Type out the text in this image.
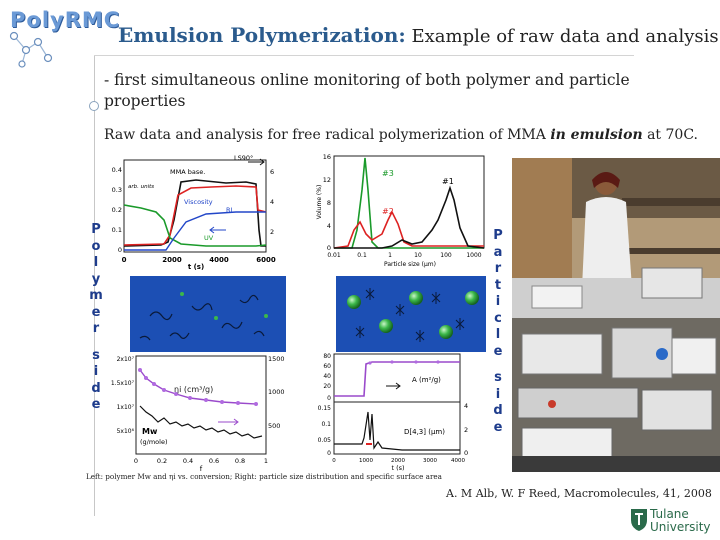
PolyRMC
Emulsion Polymerization: Example of raw data and analysis
- first simultaneous online monitoring of both polymer and particle properties
Raw data and analysis for free radical polymerization of MMA in emulsion at 70C.
P
o
l
y
m
e
r
s
i
d
e
P
a
r
t
i
c
l
e
s
i
d
e
LS90°
MMA base.
Viscosity
RI
UV
arb. units
0.4
0.3
0.2
0.1
0
6
4
2
0	2000	4000	6000
t (s)
#3
#1
#2
16
12
8
4
0
Volume (%)
0.01	0.1	1	10	100 1000
Particle size (µm)
ηi (cm³/g)
Mw
(g/mole)
2x10⁷
1.5x10⁷
1x10⁷
5x10⁶
1500
1000
500
0	0.2 0.4 0.6 0.8	1
f
A (m²/g)
D[4,3] (µm)
80
60
40
20
0
0.15
0.1
0.05
0
4
2
0
0	1000	2000	3000	4000
t (s)
Left: polymer Mw and ηi vs. conversion; Right: particle size distribution and specific surface area
A. M Alb, W. F Reed, Macromolecules, 41, 2008
Tulane
University
